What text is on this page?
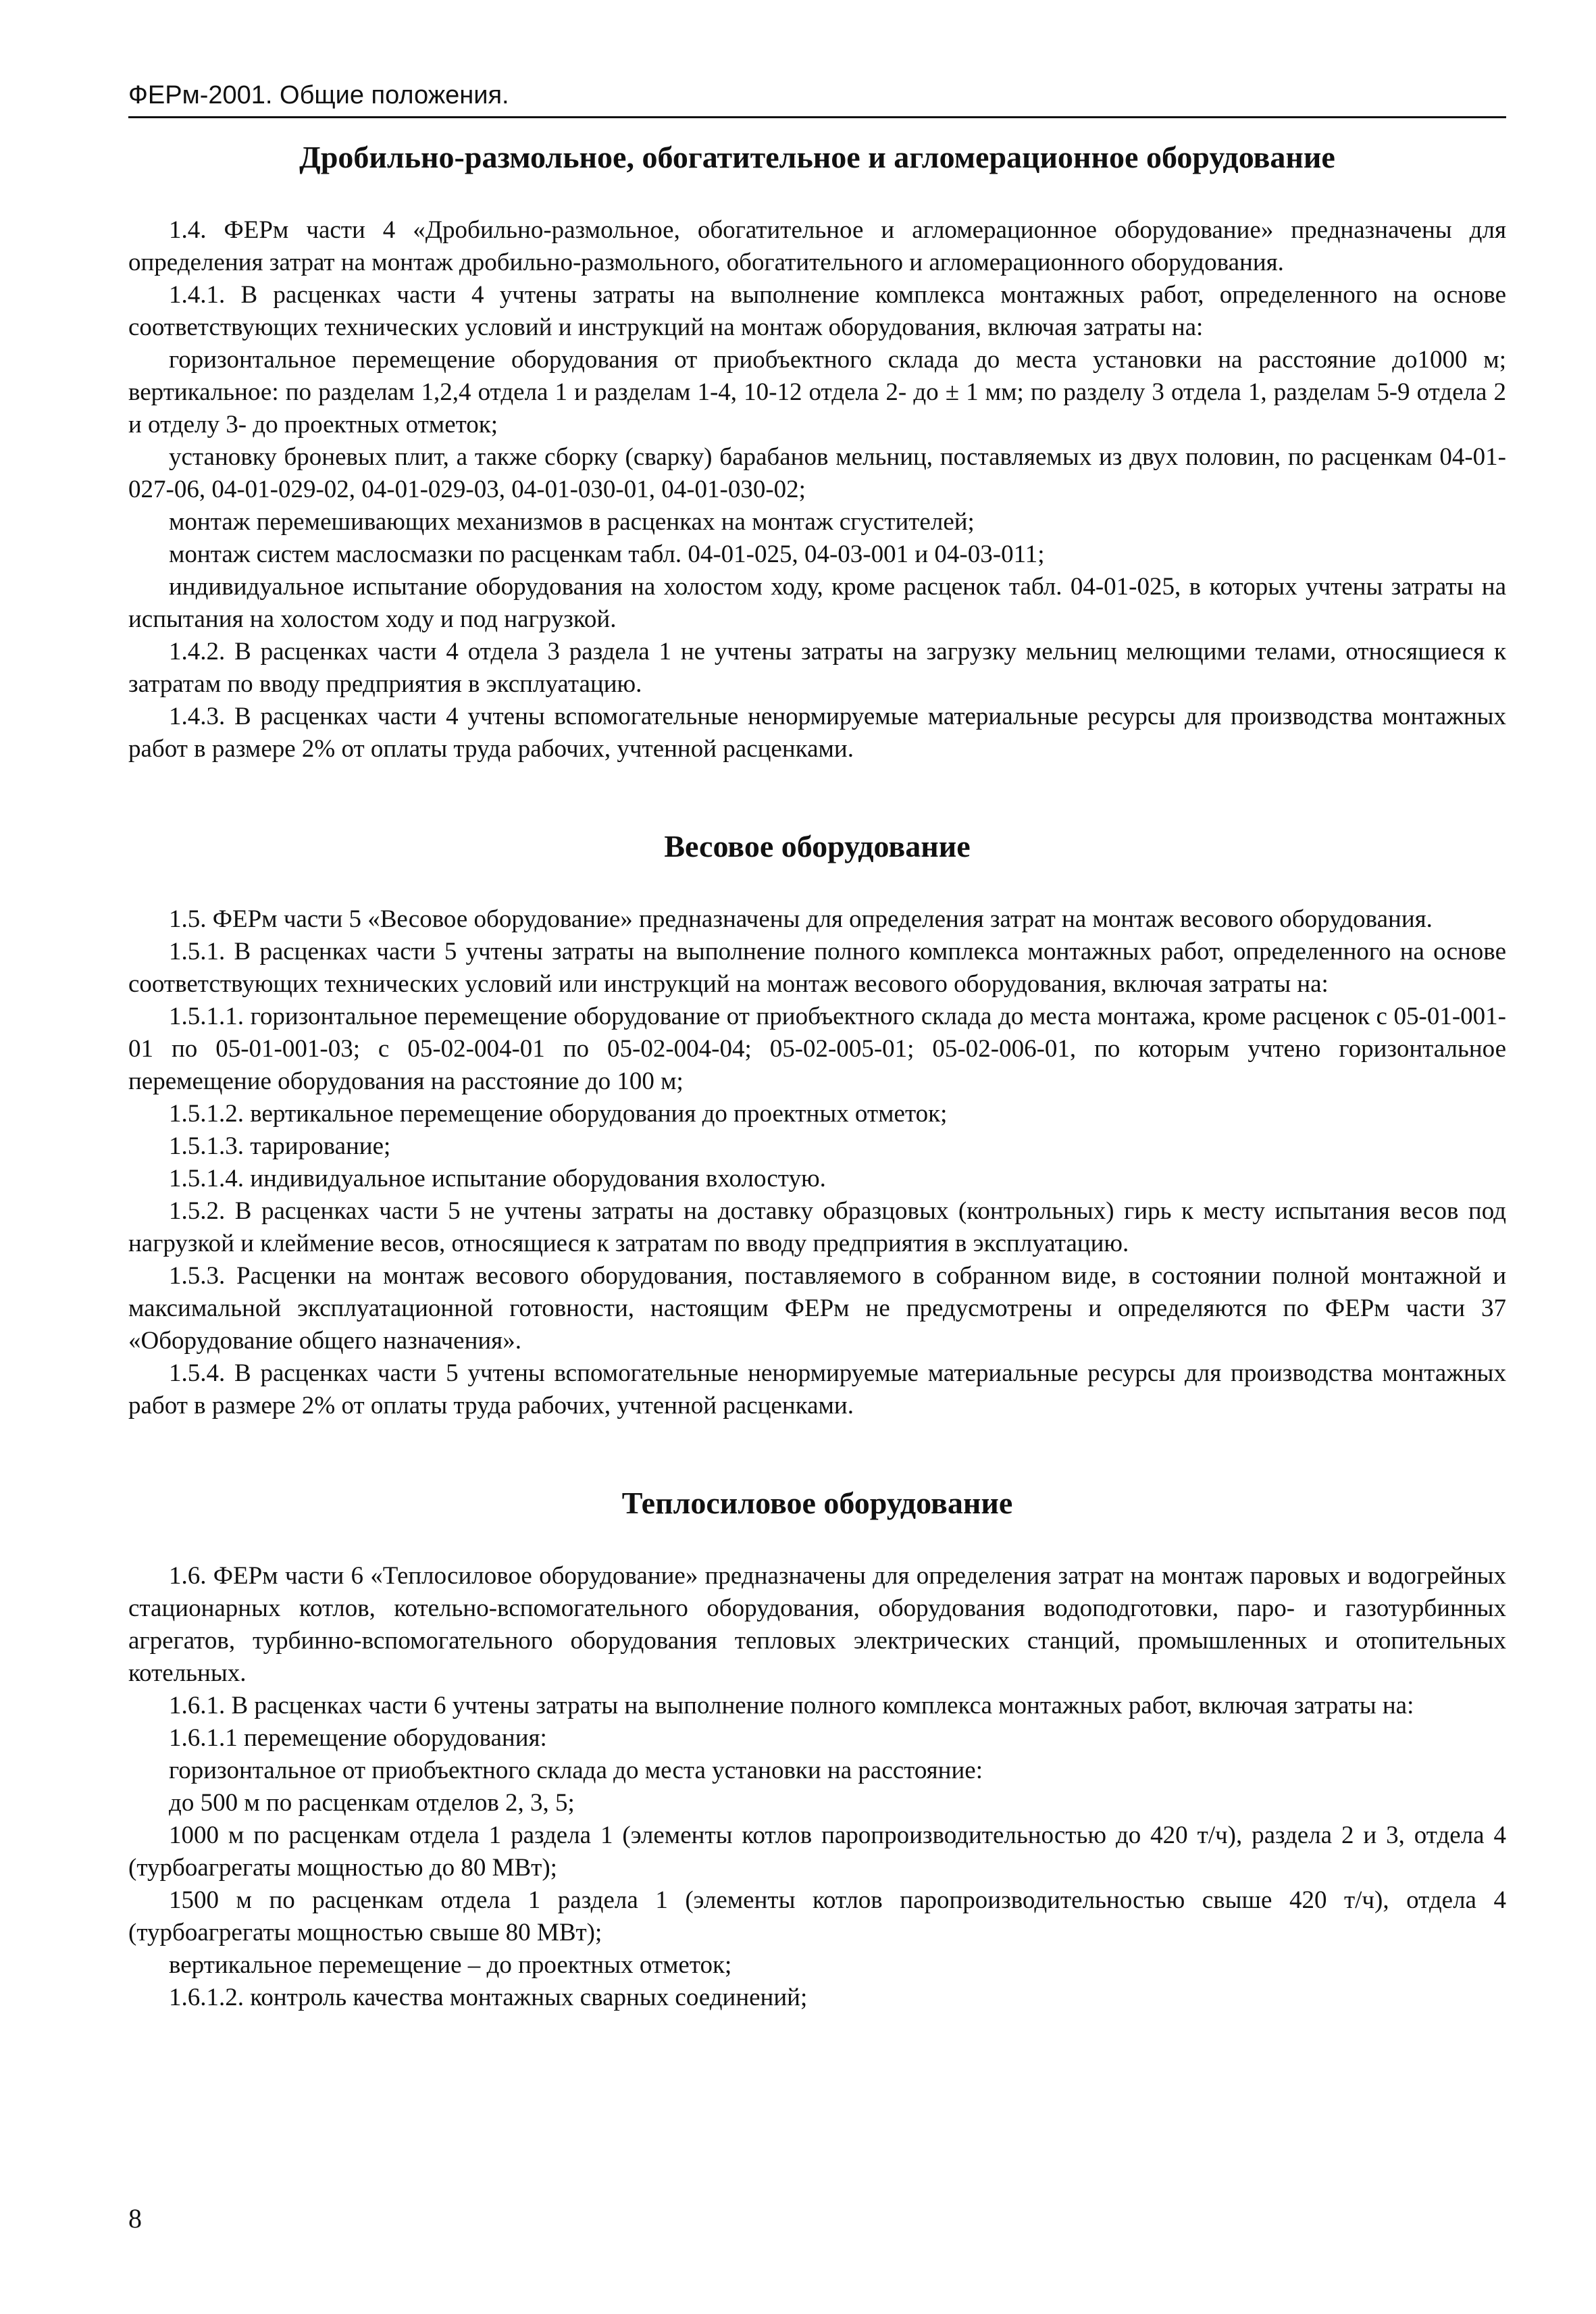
ФЕРм-2001. Общие положения.
Дробильно-размольное, обогатительное и агломерационное оборудование

1.4. ФЕРм части 4 «Дробильно-размольное, обогатительное и агломерационное оборудование» предназначены для определения затрат на монтаж дробильно-размольного, обогатительного и агломерационного оборудования.

1.4.1. В расценках части 4 учтены затраты на выполнение комплекса монтажных работ, определенного на основе соответствующих технических условий и инструкций на монтаж оборудования, включая затраты на:

горизонтальное перемещение оборудования от приобъектного склада до места установки на расстояние до1000 м; вертикальное: по разделам 1,2,4 отдела 1 и разделам 1-4, 10-12 отдела 2- до ± 1 мм; по разделу 3 отдела 1, разделам 5-9 отдела 2 и отделу 3- до проектных отметок;

установку броневых плит, а также сборку (сварку) барабанов мельниц, поставляемых из двух половин, по расценкам 04-01-027-06, 04-01-029-02, 04-01-029-03, 04-01-030-01, 04-01-030-02;

монтаж перемешивающих механизмов в расценках на монтаж сгустителей;

монтаж систем маслосмазки по расценкам табл. 04-01-025, 04-03-001 и 04-03-011;

индивидуальное испытание оборудования на холостом ходу, кроме расценок табл. 04-01-025, в которых учтены затраты на испытания на холостом ходу и под нагрузкой.

1.4.2. В расценках части 4 отдела 3 раздела 1 не учтены затраты на загрузку мельниц мелющими телами, относящиеся к затратам по вводу предприятия в эксплуатацию.

1.4.3. В расценках части 4 учтены вспомогательные ненормируемые материальные ресурсы для производства монтажных работ в размере 2% от оплаты труда рабочих, учтенной расценками.

Весовое оборудование

1.5. ФЕРм части 5 «Весовое оборудование» предназначены для определения затрат на монтаж весового оборудования.

1.5.1. В расценках части 5 учтены затраты на выполнение полного комплекса монтажных работ, определенного на основе соответствующих технических условий или инструкций на монтаж весового оборудования, включая затраты на:

1.5.1.1. горизонтальное перемещение оборудование от приобъектного склада до места монтажа, кроме расценок с 05-01-001-01 по 05-01-001-03; с 05-02-004-01 по 05-02-004-04; 05-02-005-01; 05-02-006-01, по которым учтено горизонтальное перемещение оборудования на расстояние до 100 м;

1.5.1.2. вертикальное перемещение оборудования до проектных отметок;

1.5.1.3. тарирование;

1.5.1.4. индивидуальное испытание оборудования вхолостую.

1.5.2. В расценках части 5 не учтены затраты на доставку образцовых (контрольных) гирь к месту испытания весов под нагрузкой и клеймение весов, относящиеся к затратам по вводу предприятия в эксплуатацию.

1.5.3. Расценки на монтаж весового оборудования, поставляемого в собранном виде, в состоянии полной монтажной и максимальной эксплуатационной готовности, настоящим ФЕРм не предусмотрены и определяются по ФЕРм части 37 «Оборудование общего назначения».

1.5.4. В расценках части 5 учтены вспомогательные ненормируемые материальные ресурсы для производства монтажных работ в размере 2% от оплаты труда рабочих, учтенной расценками.

Теплосиловое оборудование

1.6. ФЕРм части 6 «Теплосиловое оборудование» предназначены для определения затрат на монтаж паровых и водогрейных стационарных котлов, котельно-вспомогательного оборудования, оборудования водоподготовки, паро- и газотурбинных агрегатов, турбинно-вспомогательного оборудования тепловых электрических станций, промышленных и отопительных котельных.

1.6.1. В расценках части 6 учтены затраты на выполнение полного комплекса монтажных работ, включая затраты на:

1.6.1.1 перемещение оборудования:

горизонтальное от приобъектного склада до места установки на расстояние:

до 500 м по расценкам отделов 2, 3, 5;

1000 м по расценкам отдела 1 раздела 1 (элементы котлов паропроизводительностью до 420 т/ч), раздела 2 и 3, отдела 4 (турбоагрегаты мощностью до 80 МВт);

1500 м по расценкам отдела 1 раздела 1 (элементы котлов паропроизводительностью свыше 420 т/ч), отдела 4 (турбоагрегаты мощностью свыше 80 МВт);

вертикальное перемещение – до проектных отметок;

1.6.1.2. контроль качества монтажных сварных соединений;

8
